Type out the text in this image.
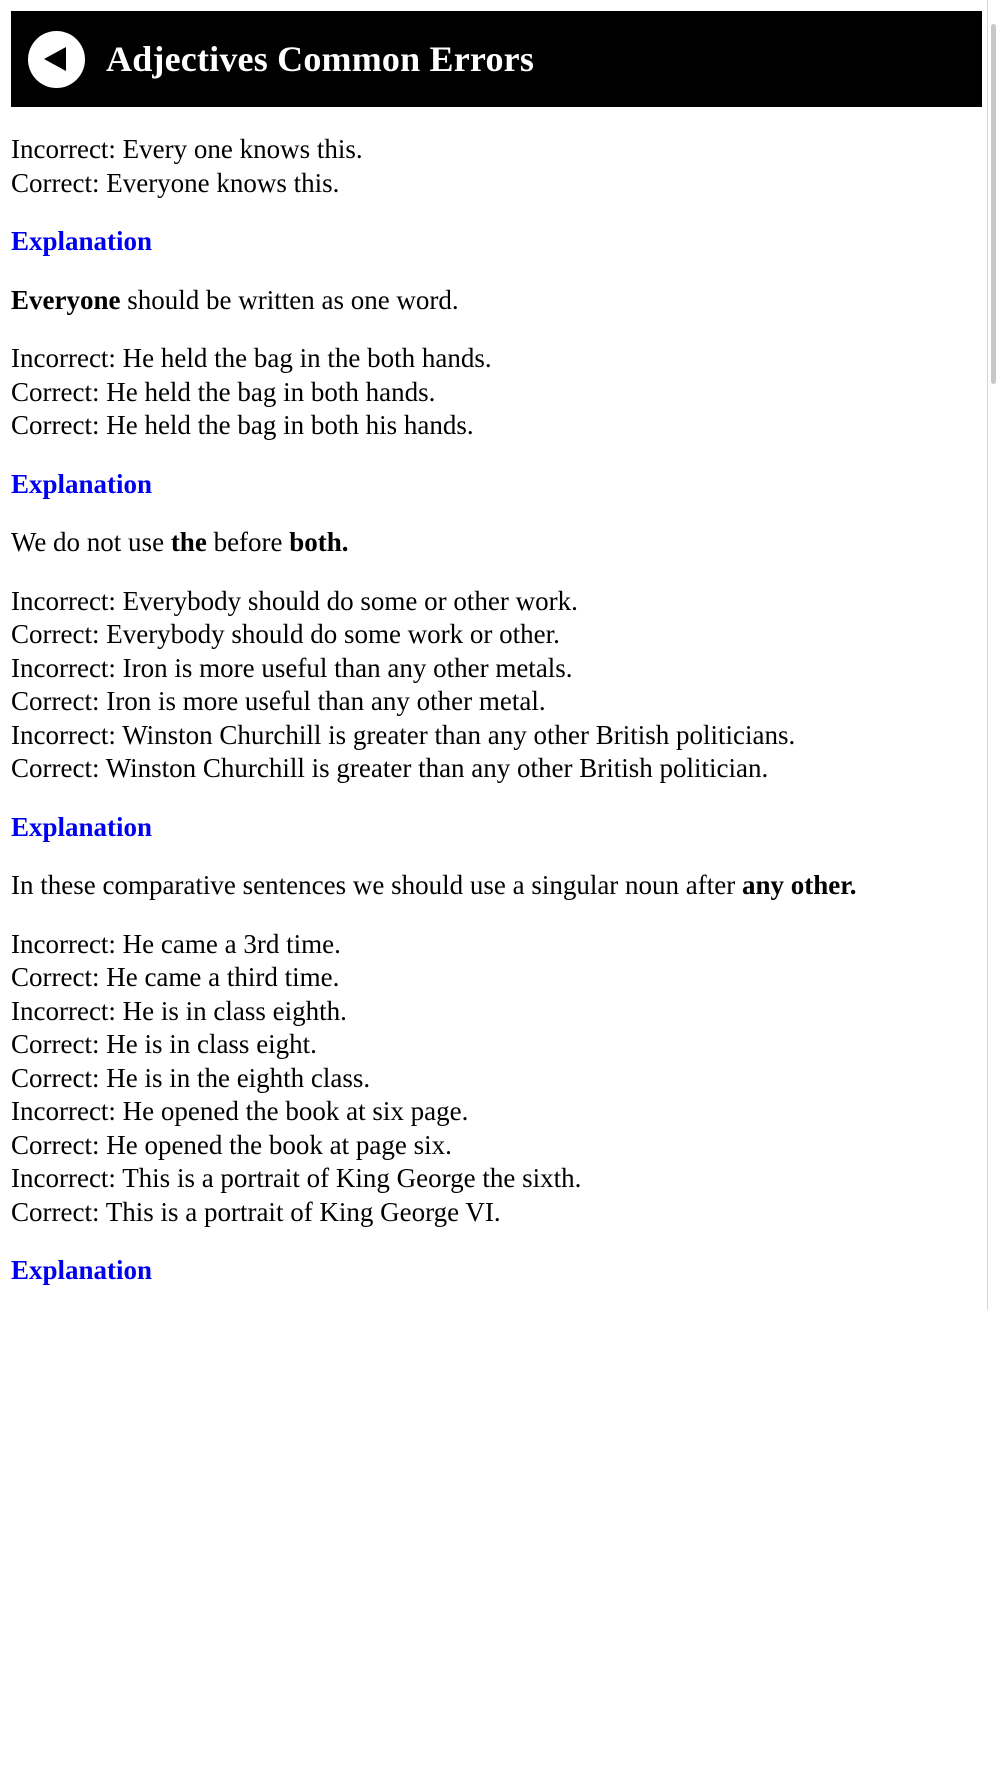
Adjectives Common Errors
Incorrect: Every one knows this.
Correct: Everyone knows this.
Explanation
Everyone should be written as one word.
Incorrect: He held the bag in the both hands.
Correct: He held the bag in both hands.
Correct: He held the bag in both his hands.
Explanation
We do not use the before both.
Incorrect: Everybody should do some or other work.
Correct: Everybody should do some work or other.
Incorrect: Iron is more useful than any other metals.
Correct: Iron is more useful than any other metal.
Incorrect: Winston Churchill is greater than any other British politicians.
Correct: Winston Churchill is greater than any other British politician.
Explanation
In these comparative sentences we should use a singular noun after any other.
Incorrect: He came a 3rd time.
Correct: He came a third time.
Incorrect: He is in class eighth.
Correct: He is in class eight.
Correct: He is in the eighth class.
Incorrect: He opened the book at six page.
Correct: He opened the book at page six.
Incorrect: This is a portrait of King George the sixth.
Correct: This is a portrait of King George VI.
Explanation
